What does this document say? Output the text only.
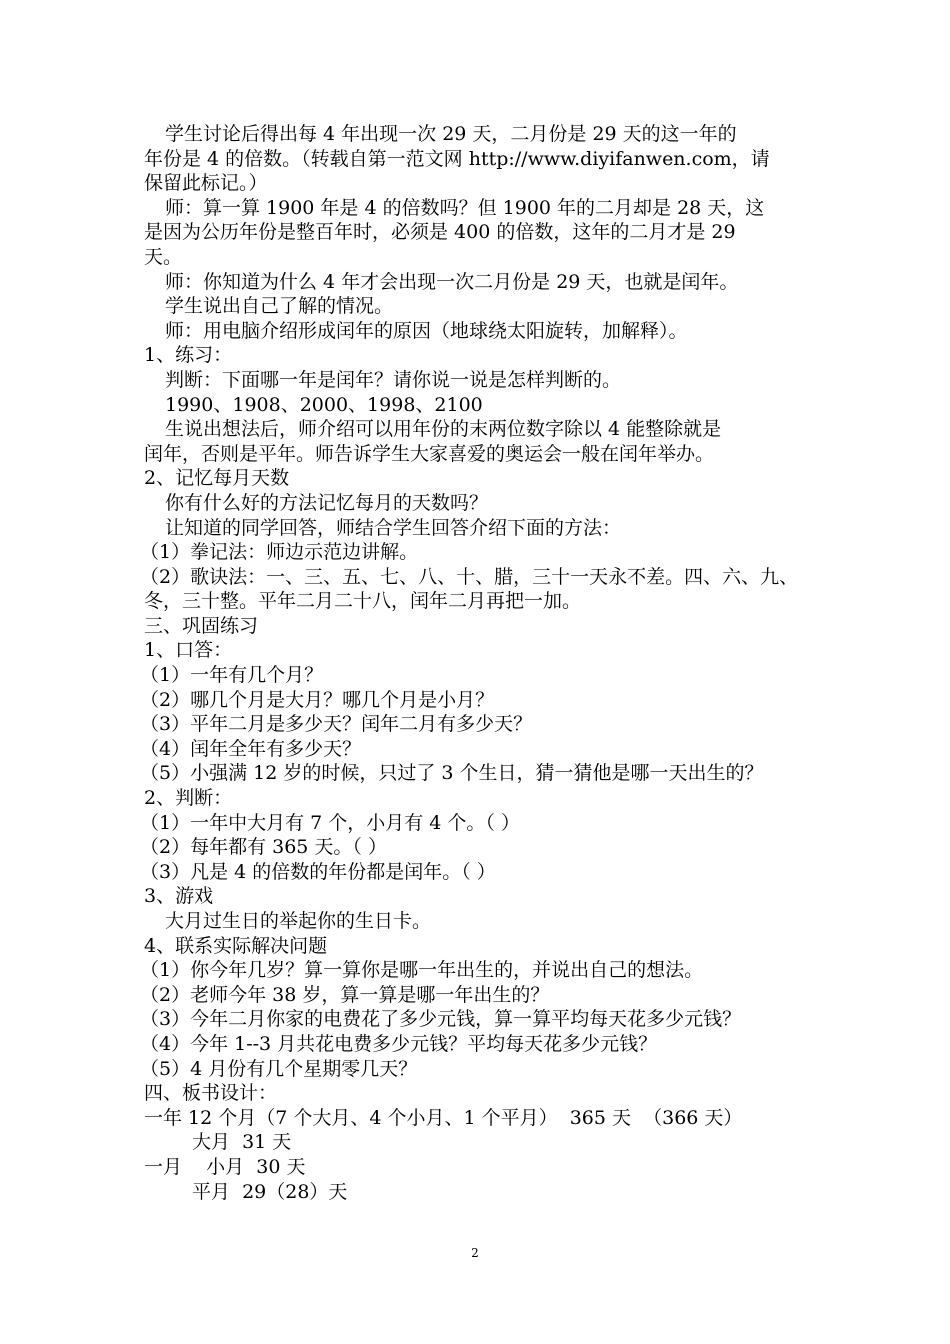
学生讨论后得出每 4 年出现一次 29 天，二月份是 29 天的这一年的
年份是 4 的倍数。（转载自第一范文网 http://www.diyifanwen.com，请
保留此标记。）
师：算一算 1900 年是 4 的倍数吗？但 1900 年的二月却是 28 天，这
是因为公历年份是整百年时，必须是 400 的倍数，这年的二月才是 29
天。
师：你知道为什么 4 年才会出现一次二月份是 29 天，也就是闰年。
学生说出自己了解的情况。
师：用电脑介绍形成闰年的原因（地球绕太阳旋转，加解释）。
1、练习：
判断：下面哪一年是闰年？请你说一说是怎样判断的。
1990、1908、2000、1998、2100
生说出想法后，师介绍可以用年份的末两位数字除以 4 能整除就是
闰年，否则是平年。师告诉学生大家喜爱的奥运会一般在闰年举办。
2、记忆每月天数
你有什么好的方法记忆每月的天数吗？
让知道的同学回答，师结合学生回答介绍下面的方法：
（1）拳记法：师边示范边讲解。
（2）歌诀法：一、三、五、七、八、十、腊，三十一天永不差。四、六、九、
冬，三十整。平年二月二十八，闰年二月再把一加。
三、巩固练习
1、口答：
（1）一年有几个月？
（2）哪几个月是大月？哪几个月是小月？
（3）平年二月是多少天？闰年二月有多少天？
（4）闰年全年有多少天？
（5）小强满 12 岁的时候，只过了 3 个生日，猜一猜他是哪一天出生的？
2、判断：
（1）一年中大月有 7 个，小月有 4 个。（ ）
（2）每年都有 365 天。（ ）
（3）凡是 4 的倍数的年份都是闰年。（ ）
3、游戏
大月过生日的举起你的生日卡。
4、联系实际解决问题
（1）你今年几岁？算一算你是哪一年出生的，并说出自己的想法。
（2）老师今年 38 岁，算一算是哪一年出生的？
（3）今年二月你家的电费花了多少元钱，算一算平均每天花多少元钱？
（4）今年 1--3 月共花电费多少元钱？平均每天花多少元钱？
（5）4 月份有几个星期零几天？
四、板书设计：
一年 12 个月（7 个大月、4 个小月、1 个平月）  365 天  （366 天）
大月  31 天
一月    小月  30 天
平月  29（28）天
2
